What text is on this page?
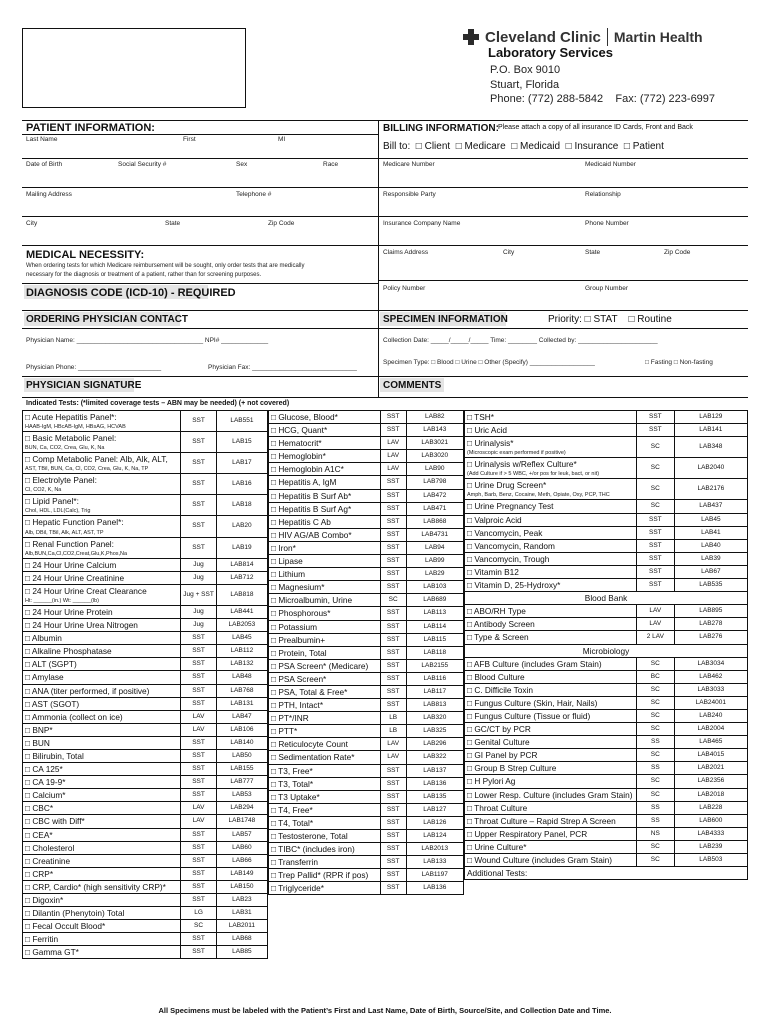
Cleveland Clinic Martin Health
Laboratory Services
P.O. Box 9010
Stuart, Florida
Phone: (772) 288-5842    Fax: (772) 223-6997
PATIENT INFORMATION:
Last Name	First	MI
Date of Birth	Social Security #	Sex	Race
Mailing Address	Telephone #
City	State	Zip Code
MEDICAL NECESSITY:
When ordering tests for which Medicare reimbursement will be sought, only order tests that are medically
necessary for the diagnosis or treatment of a patient, rather than for screening purposes.
DIAGNOSIS CODE (ICD-10) - REQUIRED
BILLING INFORMATION: Please attach a copy of all insurance ID Cards, Front and Back
Bill to:  □ Client  □ Medicare  □ Medicaid  □ Insurance  □ Patient
Medicare Number	Medicaid Number
Responsible Party	Relationship
Insurance Company Name	Phone Number
Claims Address	City	State	Zip Code
Policy Number	Group Number
ORDERING PHYSICIAN CONTACT
Physician Name: ___________________________________ NPI# _____________
Physician Phone: _______________________	Physician Fax: _____________________________
SPECIMEN INFORMATION	Priority: □ STAT    □ Routine
Collection Date: _____/_____/_____ Time: ________ Collected by: ______________________
Specimen Type: □ Blood □ Urine □ Other (Specify) __________________	□ Fasting □ Non-fasting
PHYSICIAN SIGNATURE	COMMENTS
Indicated Tests: (*limited coverage tests – ABN may be needed) (+ not covered)
□ Acute Hepatitis Panel*:
HAAB-IgM, HBcAB-IgM, HBsAG, HCVAB	SST	LAB551

□ Basic Metabolic Panel:
BUN, Ca, CO2, Crea, Glu, K, Na	SST	LAB15

□ Comp Metabolic Panel: Alb, Alk, ALT,
AST, TBil, BUN, Ca, Cl, CO2, Crea, Glu, K, Na, TP	SST	LAB17

□ Electrolyte Panel:
Cl, CO2, K, Na	SST	LAB16

□ Lipid Panel*:
Chol, HDL, LDL(Calc), Trig	SST	LAB18

□ Hepatic Function Panel*:
Alb, DBil, TBil, Alk, ALT, AST, TP	SST	LAB20

□ Renal Function Panel:
Alb,BUN,Ca,Cl,CO2,Creat,Glu,K,Phos,Na	SST	LAB19

□ 24 Hour Urine Calcium	Jug	LAB814

□ 24 Hour Urine Creatinine	Jug	LAB712

□ 24 Hour Urine Creat Clearance
Ht: ______(in.) Wt: ______(lb)	Jug + SST	LAB818

□ 24 Hour Urine Protein	Jug	LAB441

□ 24 Hour Urine Urea Nitrogen	Jug	LAB2053

□ Albumin	SST	LAB45

□ Alkaline Phosphatase	SST	LAB112

□ ALT (SGPT)	SST	LAB132

□ Amylase	SST	LAB48

□ ANA (titer performed, if positive)	SST	LAB768

□ AST (SGOT)	SST	LAB131

□ Ammonia (collect on ice)	LAV	LAB47

□ BNP*	LAV	LAB106

□ BUN	SST	LAB140

□ Bilirubin, Total	SST	LAB50

□ CA 125*	SST	LAB155

□ CA 19-9*	SST	LAB777

□ Calcium*	SST	LAB53

□ CBC*	LAV	LAB294

□ CBC with Diff*	LAV	LAB1748

□ CEA*	SST	LAB57

□ Cholesterol	SST	LAB60

□ Creatinine	SST	LAB66

□ CRP*	SST	LAB149

□ CRP, Cardio* (high sensitivity CRP)*	SST	LAB150

□ Digoxin*	SST	LAB23

□ Dilantin (Phenytoin) Total	LG	LAB31

□ Fecal Occult Blood*	SC	LAB2011

□ Ferritin	SST	LAB68

□ Gamma GT*	SST	LAB85
□ Glucose, Blood*	SST	LAB82

□ HCG, Quant*	SST	LAB143

□ Hematocrit*	LAV	LAB3021

□ Hemoglobin*	LAV	LAB3020

□ Hemoglobin A1C*	LAV	LAB90

□ Hepatitis A, IgM	SST	LAB798

□ Hepatitis B Surf Ab*	SST	LAB472

□ Hepatitis B Surf Ag*	SST	LAB471

□ Hepatitis C Ab	SST	LAB868

□ HIV AG/AB Combo*	SST	LAB4731

□ Iron*	SST	LAB94

□ Lipase	SST	LAB99

□ Lithium	SST	LAB29

□ Magnesium*	SST	LAB103

□ Microalbumin, Urine	SC	LAB689

□ Phosphorous*	SST	LAB113

□ Potassium	SST	LAB114

□ Prealbumin+	SST	LAB115

□ Protein, Total	SST	LAB118

□ PSA Screen* (Medicare)	SST	LAB2155

□ PSA Screen*	SST	LAB116

□ PSA, Total & Free*	SST	LAB117

□ PTH, Intact*	SST	LAB813

□ PT*/INR	LB	LAB320

□ PTT*	LB	LAB325

□ Reticulocyte Count	LAV	LAB296

□ Sedimentation Rate*	LAV	LAB322

□ T3, Free*	SST	LAB137

□ T3, Total*	SST	LAB136

□ T3 Uptake*	SST	LAB135

□ T4, Free*	SST	LAB127

□ T4, Total*	SST	LAB126

□ Testosterone, Total	SST	LAB124

□ TIBC* (includes iron)	SST	LAB2013

□ Transferrin	SST	LAB133

□ Trep Pallid* (RPR if pos)	SST	LAB1197

□ Triglyceride*	SST	LAB136
□ TSH*	SST	LAB129

□ Uric Acid	SST	LAB141

□ Urinalysis*
(Microscopic exam performed if positive)	SC	LAB348

□ Urinalysis w/Reflex Culture*
(Add Culture if > 5 WBC, +/or pos for leuk, bact, or nit)	SC	LAB2040

□ Urine Drug Screen*
Amph, Barb, Benz, Cocaine, Meth, Opiate, Oxy, PCP, THC	SC	LAB2176

□ Urine Pregnancy Test	SC	LAB437

□ Valproic Acid	SST	LAB45

□ Vancomycin, Peak	SST	LAB41

□ Vancomycin, Random	SST	LAB40

□ Vancomycin, Trough	SST	LAB39

□ Vitamin B12	SST	LAB67

□ Vitamin D, 25-Hydroxy*	SST	LAB535
Blood Bank		

□ ABO/RH Type	LAV	LAB895

□ Antibody Screen	LAV	LAB278

□ Type & Screen	2 LAV	LAB276
Microbiology		

□ AFB Culture (includes Gram Stain)	SC	LAB3034

□ Blood Culture	BC	LAB462

□ C. Difficile Toxin	SC	LAB3033

□ Fungus Culture (Skin, Hair, Nails)	SC	LAB24001

□ Fungus Culture (Tissue or fluid)	SC	LAB240

□ GC/CT by PCR	SC	LAB2004

□ Genital Culture	SS	LAB465

□ GI Panel by PCR	SC	LAB4015

□ Group B Strep Culture	SS	LAB2021

□ H Pylori Ag	SC	LAB2356

□ Lower Resp. Culture (includes Gram Stain)	SC	LAB2018

□ Throat Culture	SS	LAB228

□ Throat Culture – Rapid Strep A Screen	SS	LAB600

□ Upper Respiratory Panel, PCR	NS	LAB4333

□ Urine Culture*	SC	LAB239

□ Wound Culture (includes Gram Stain)	SC	LAB503
Additional Tests:		
All Specimens must be labeled with the Patient’s First and Last Name, Date of Birth, Source/Site, and Collection Date and Time.
